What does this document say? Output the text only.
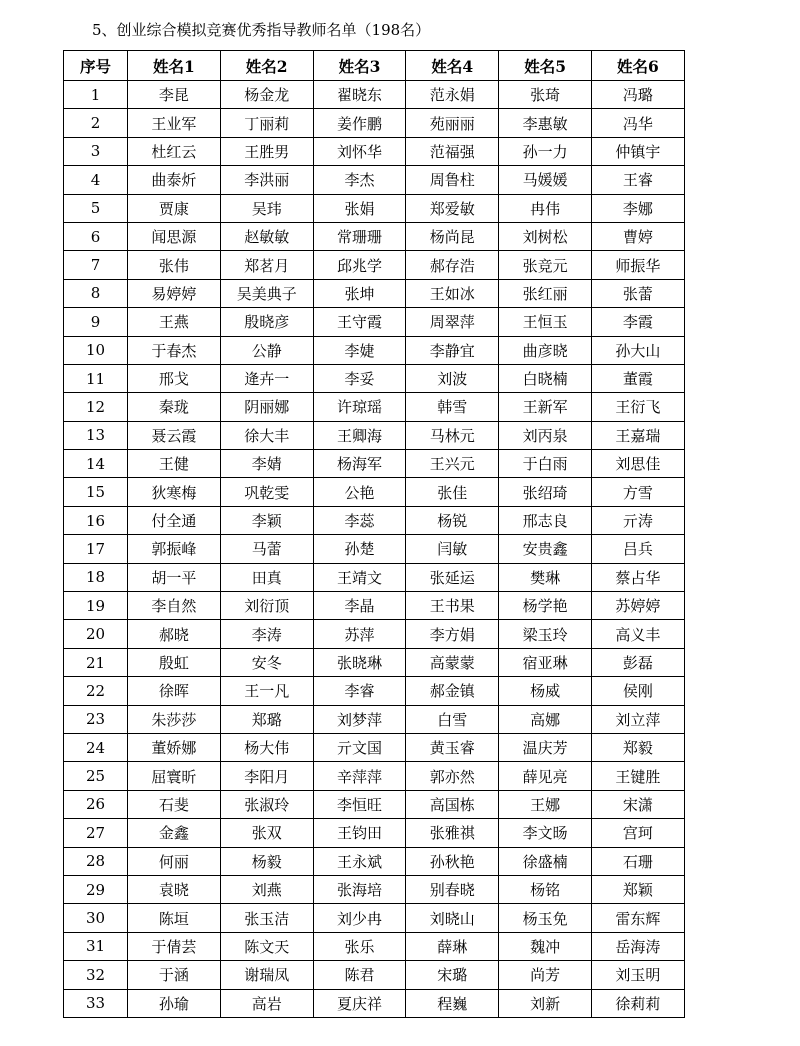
5、创业综合模拟竞赛优秀指导教师名单（198名）
序号	姓名1	姓名2	姓名3	姓名4	姓名5	姓名6
1	李昆	杨金龙	翟晓东	范永娟	张琦	冯璐
2	王业军	丁丽莉	姜作鹏	苑丽丽	李惠敏	冯华
3	杜红云	王胜男	刘怀华	范福强	孙一力	仲镇宇
4	曲泰炘	李洪丽	李杰	周鲁柱	马媛媛	王睿
5	贾康	吴玮	张娟	郑爱敏	冉伟	李娜
6	闻思源	赵敏敏	常珊珊	杨尚昆	刘树松	曹婷
7	张伟	郑茗月	邱兆学	郝存浩	张竞元	师振华
8	易婷婷	吴美典子	张坤	王如冰	张红丽	张蕾
9	王燕	殷晓彦	王守霞	周翠萍	王恒玉	李霞
10	于春杰	公静	李婕	李静宜	曲彦晓	孙大山
11	邢戈	逄卉一	李妥	刘波	白晓楠	董霞
12	秦珑	阴丽娜	许琼瑶	韩雪	王新军	王衍飞
13	聂云霞	徐大丰	王卿海	马林元	刘丙泉	王嘉瑞
14	王健	李婧	杨海军	王兴元	于白雨	刘思佳
15	狄寒梅	巩乾雯	公艳	张佳	张绍琦	方雪
16	付全通	李颖	李蕊	杨锐	邢志良	亓涛
17	郭振峰	马蕾	孙楚	闫敏	安贵鑫	吕兵
18	胡一平	田真	王靖文	张延运	樊琳	蔡占华
19	李自然	刘衍顶	李晶	王书果	杨学艳	苏婷婷
20	郝晓	李涛	苏萍	李方娟	梁玉玲	高义丰
21	殷虹	安冬	张晓琳	高蒙蒙	宿亚琳	彭磊
22	徐晖	王一凡	李睿	郝金镇	杨威	侯刚
23	朱莎莎	郑璐	刘梦萍	白雪	高娜	刘立萍
24	董娇娜	杨大伟	亓文国	黄玉睿	温庆芳	郑毅
25	屈寰昕	李阳月	辛萍萍	郭亦然	薛见亮	王键胜
26	石斐	张淑玲	李恒旺	高国栋	王娜	宋潇
27	金鑫	张双	王钧田	张雅祺	李文旸	宫珂
28	何丽	杨毅	王永斌	孙秋艳	徐盛楠	石珊
29	袁晓	刘燕	张海培	别春晓	杨铭	郑颖
30	陈垣	张玉洁	刘少冉	刘晓山	杨玉免	雷东辉
31	于倩芸	陈文天	张乐	薛琳	魏冲	岳海涛
32	于涵	谢瑞凤	陈君	宋璐	尚芳	刘玉明
33	孙瑜	高岩	夏庆祥	程巍	刘新	徐莉莉
